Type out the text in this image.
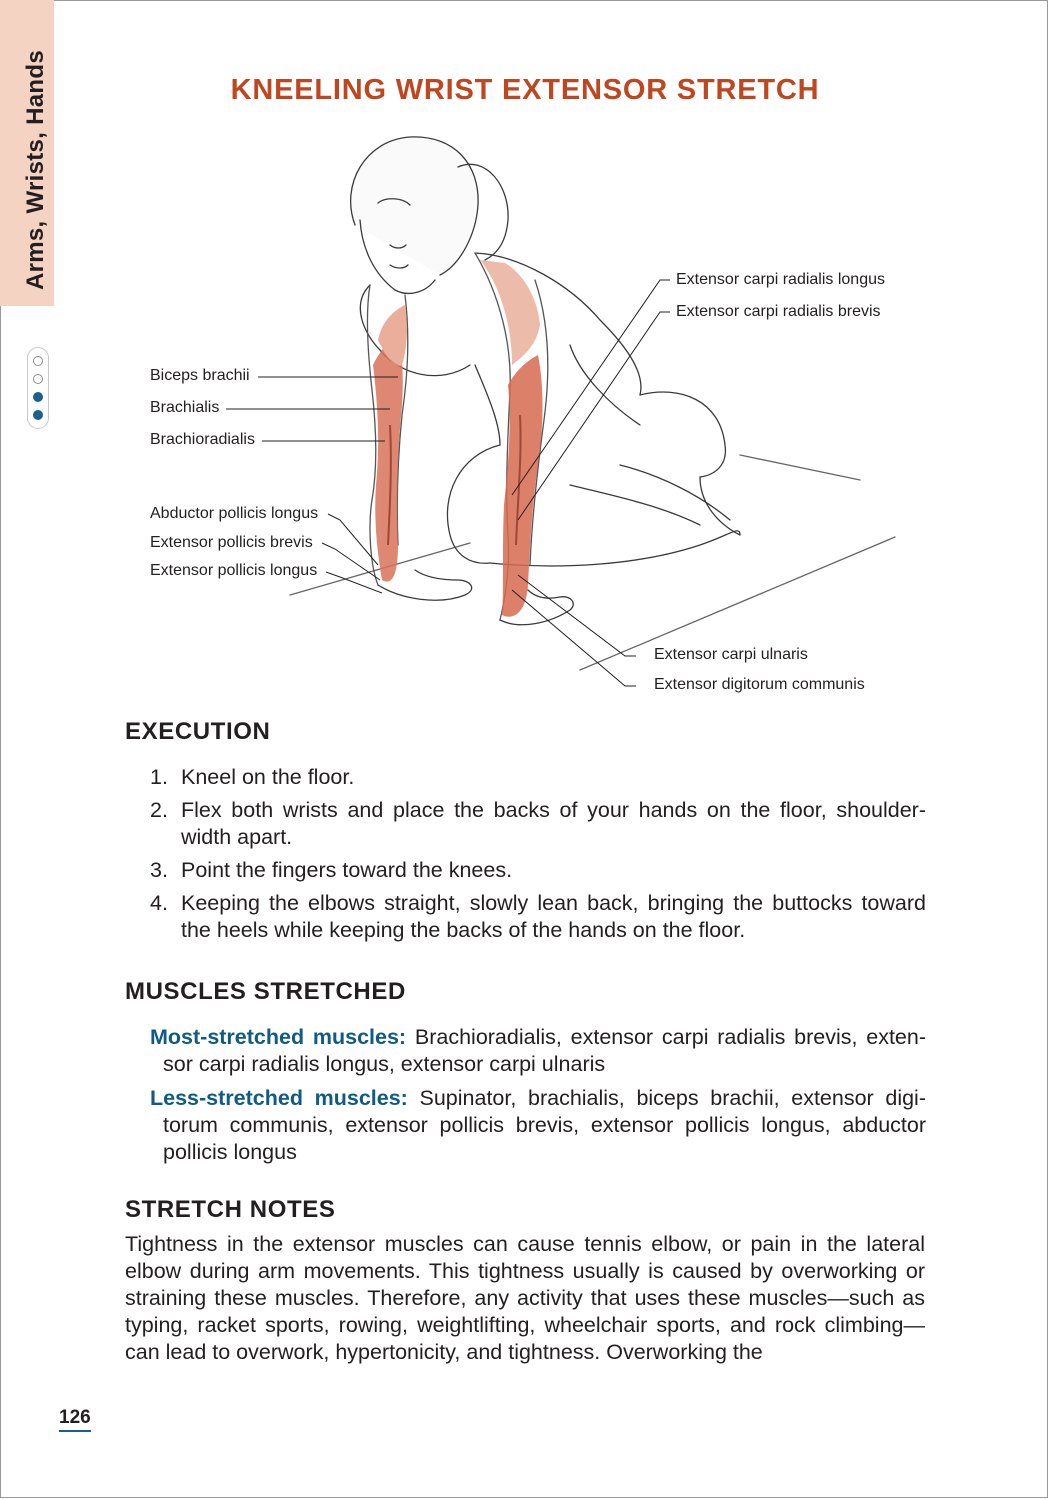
Arms, Wrists, Hands	KNEELING WRIST EXTENSOR STRETCH
Biceps brachii
Brachialis
Brachioradialis
Abductor pollicis longus
Extensor pollicis brevis
Extensor pollicis longus
Extensor carpi radialis longus
Extensor carpi radialis brevis
Extensor carpi ulnaris
Extensor digitorum communis
EXECUTION
1. Kneel on the floor.
2. Flex both wrists and place the backs of your hands on the floor, shoulder-width apart.
3. Point the fingers toward the knees.
4. Keeping the elbows straight, slowly lean back, bringing the buttocks toward the heels while keeping the backs of the hands on the floor.
MUSCLES STRETCHED
Most-stretched muscles: Brachioradialis, extensor carpi radialis brevis, exten-sor carpi radialis longus, extensor carpi ulnaris
Less-stretched muscles: Supinator, brachialis, biceps brachii, extensor digi-torum communis, extensor pollicis brevis, extensor pollicis longus, abductor pollicis longus
STRETCH NOTES

Tightness in the extensor muscles can cause tennis elbow, or pain in the lateral elbow during arm movements. This tightness usually is caused by overworking or straining these muscles. Therefore, any activity that uses these muscles—such as typing, racket sports, rowing, weightlifting, wheelchair sports, and rock climbing—can lead to overwork, hypertonicity, and tightness. Overworking the

126
